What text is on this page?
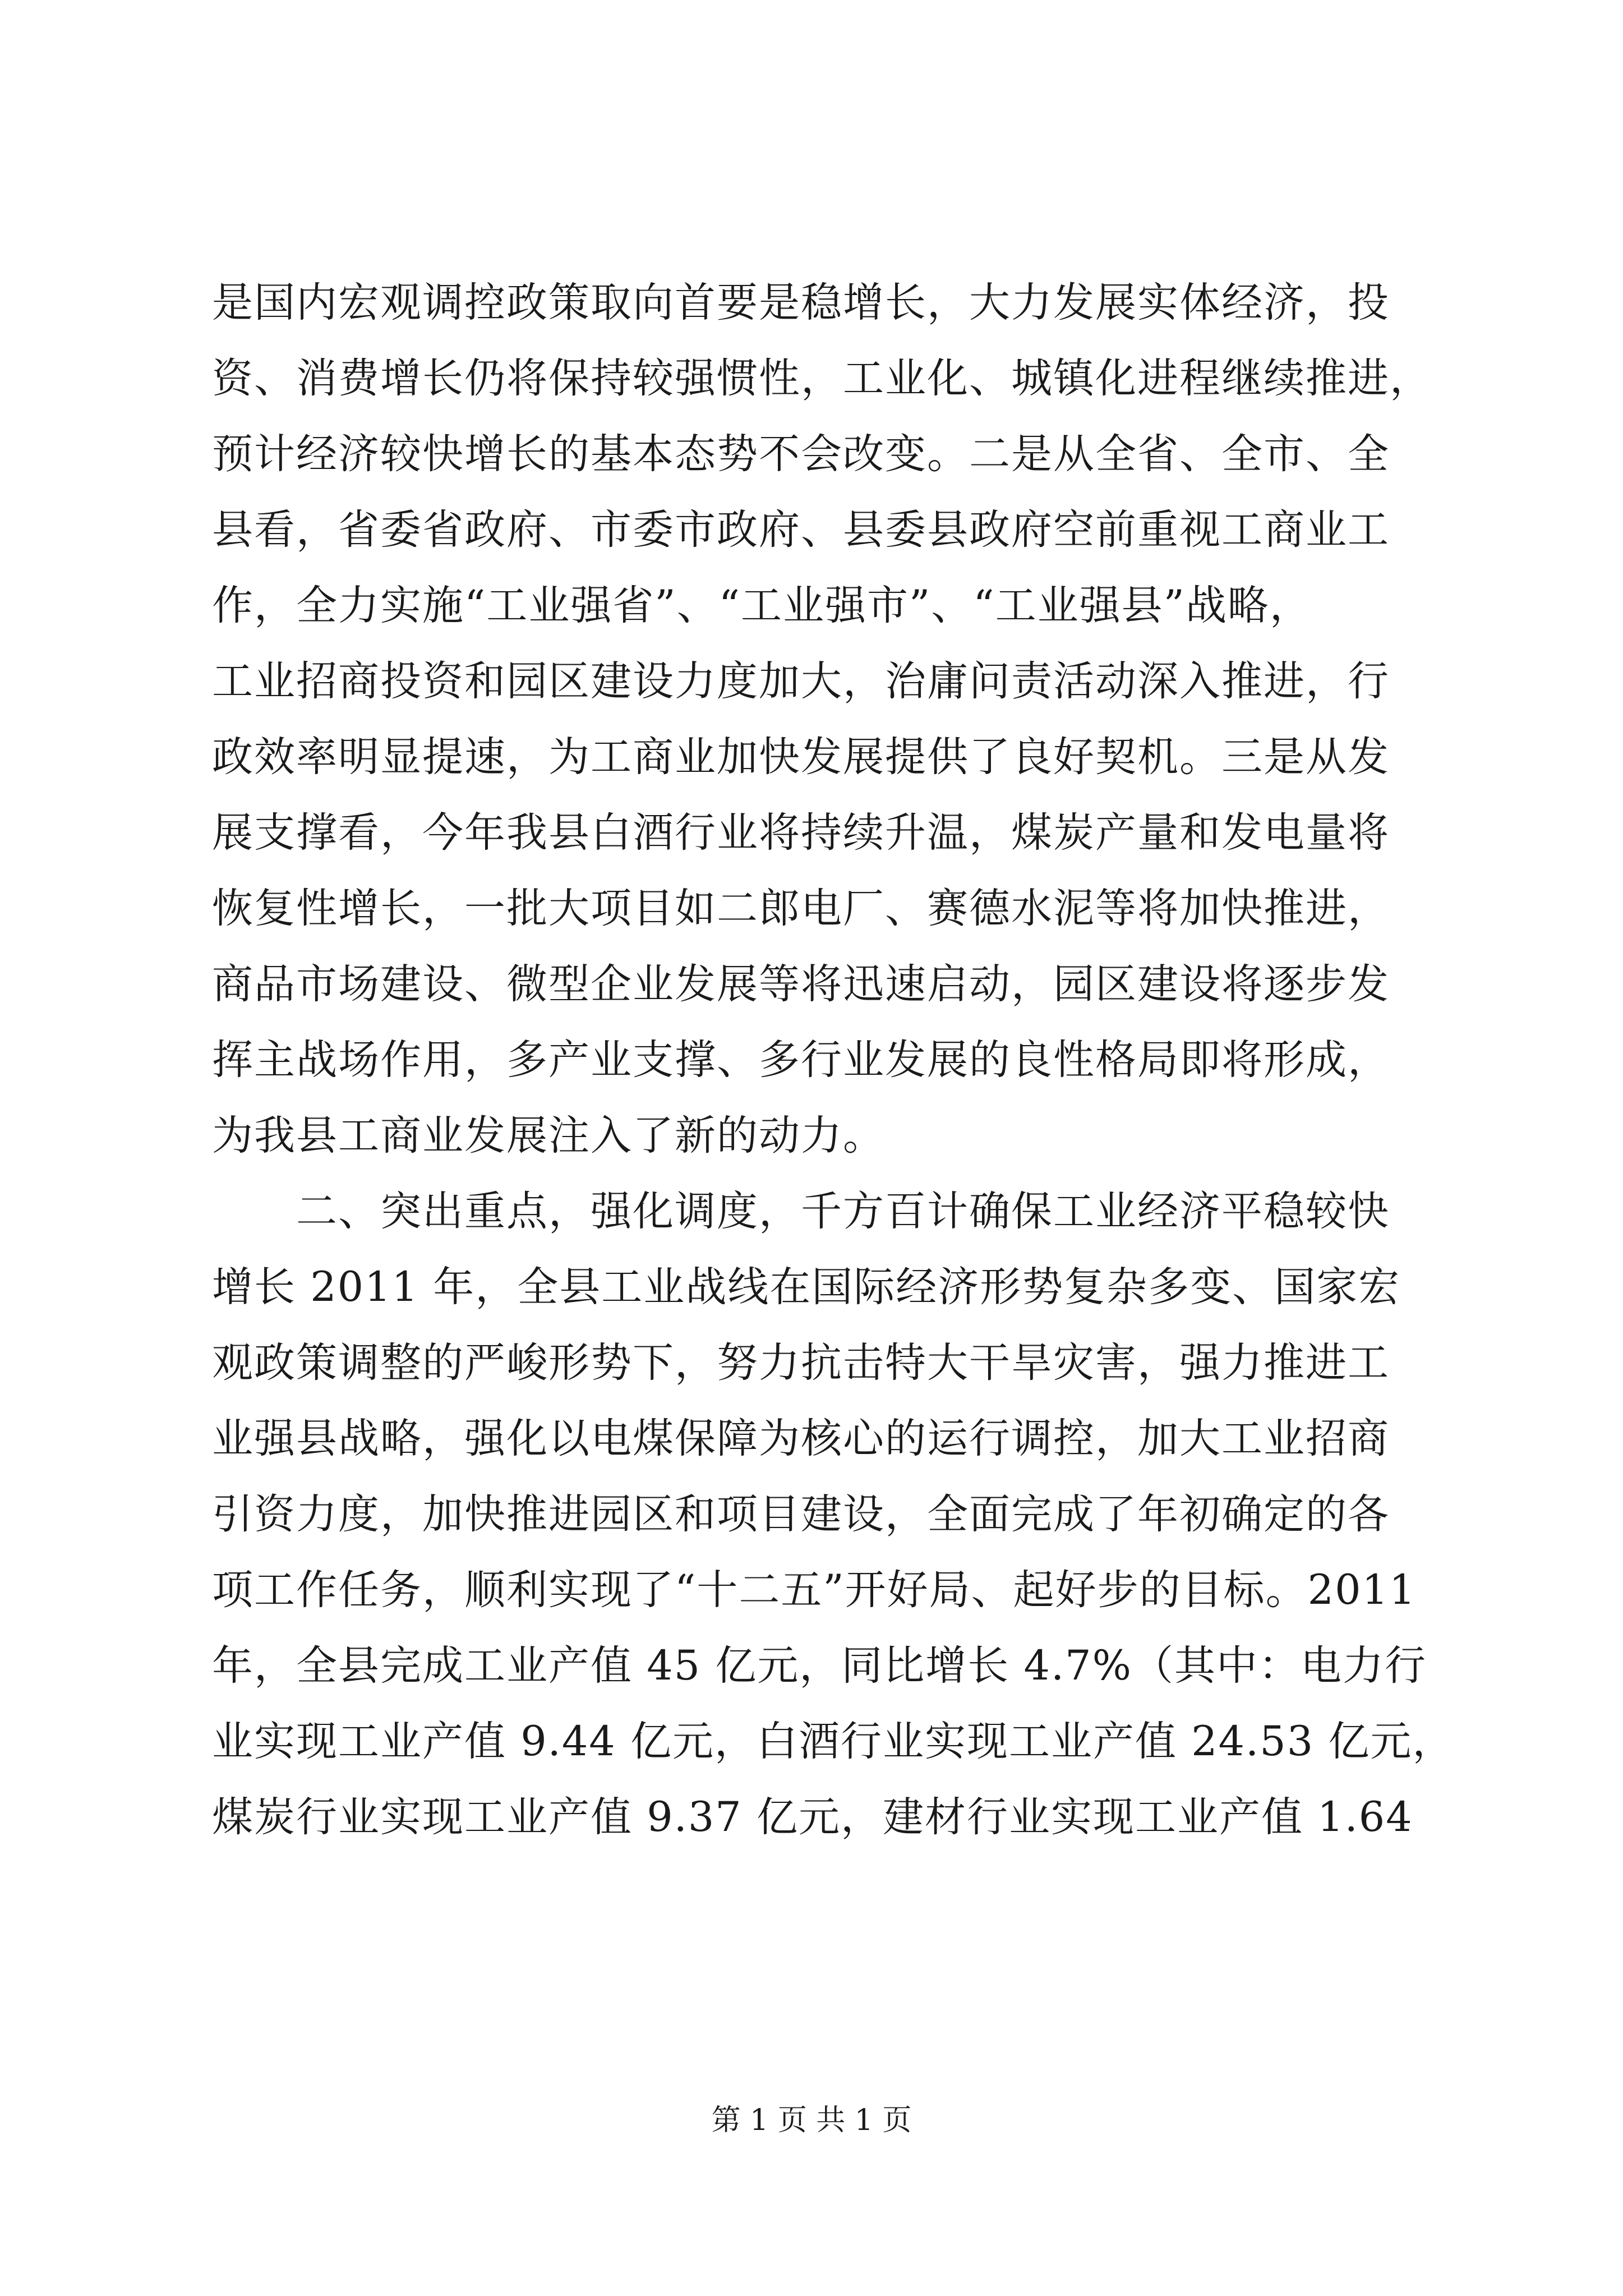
是国内宏观调控政策取向首要是稳增长，大力发展实体经济，投
资、消费增长仍将保持较强惯性，工业化、城镇化进程继续推进，
预计经济较快增长的基本态势不会改变。二是从全省、全市、全
县看，省委省政府、市委市政府、县委县政府空前重视工商业工
作，全力实施“工业强省”、“工业强市”、“工业强县”战略，
工业招商投资和园区建设力度加大，治庸问责活动深入推进，行
政效率明显提速，为工商业加快发展提供了良好契机。三是从发
展支撑看，今年我县白酒行业将持续升温，煤炭产量和发电量将
恢复性增长，一批大项目如二郎电厂、赛德水泥等将加快推进，
商品市场建设、微型企业发展等将迅速启动，园区建设将逐步发
挥主战场作用，多产业支撑、多行业发展的良性格局即将形成，
为我县工商业发展注入了新的动力。
　　二、突出重点，强化调度，千方百计确保工业经济平稳较快
增长 2011 年，全县工业战线在国际经济形势复杂多变、国家宏
观政策调整的严峻形势下，努力抗击特大干旱灾害，强力推进工
业强县战略，强化以电煤保障为核心的运行调控，加大工业招商
引资力度，加快推进园区和项目建设，全面完成了年初确定的各
项工作任务，顺利实现了“十二五”开好局、起好步的目标。2011
年，全县完成工业产值 45 亿元，同比增长 4.7%（其中：电力行
业实现工业产值 9.44 亿元，白酒行业实现工业产值 24.53 亿元，
煤炭行业实现工业产值 9.37 亿元，建材行业实现工业产值 1.64
第 1 页 共 1 页
